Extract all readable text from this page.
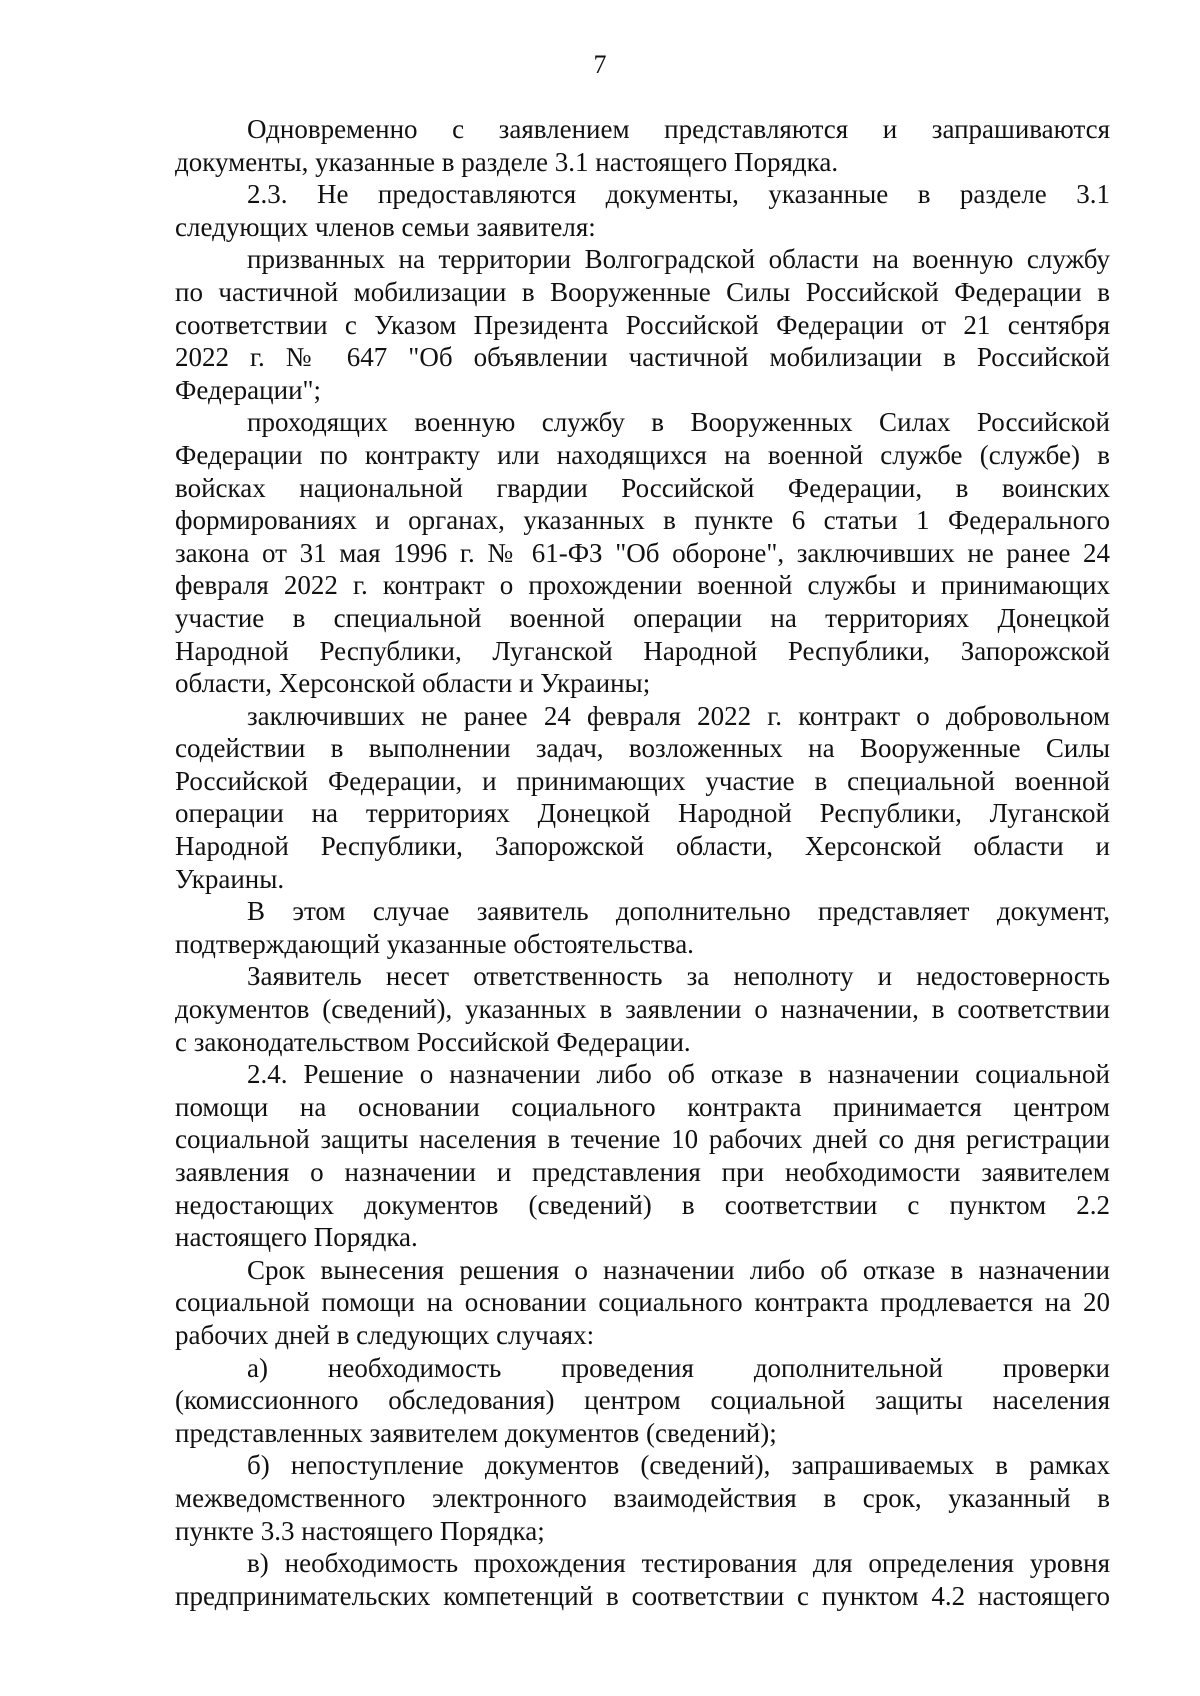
7
Одновременно с заявлением представляются и запрашиваются
документы, указанные в разделе 3.1 настоящего Порядка.
2.3. Не предоставляются документы, указанные в разделе 3.1
следующих членов семьи заявителя:
призванных на территории Волгоградской области на военную службу
по частичной мобилизации в Вооруженные Силы Российской Федерации в
соответствии с Указом Президента Российской Федерации от 21 сентября
2022 г. № 647 "Об объявлении частичной мобилизации в Российской
Федерации";
проходящих военную службу в Вооруженных Силах Российской
Федерации по контракту или находящихся на военной службе (службе) в
войсках национальной гвардии Российской Федерации, в воинских
формированиях и органах, указанных в пункте 6 статьи 1 Федерального
закона от 31 мая 1996 г. № 61-ФЗ "Об обороне", заключивших не ранее 24
февраля 2022 г. контракт о прохождении военной службы и принимающих
участие в специальной военной операции на территориях Донецкой
Народной Республики, Луганской Народной Республики, Запорожской
области, Херсонской области и Украины;
заключивших не ранее 24 февраля 2022 г. контракт о добровольном
содействии в выполнении задач, возложенных на Вооруженные Силы
Российской Федерации, и принимающих участие в специальной военной
операции на территориях Донецкой Народной Республики, Луганской
Народной Республики, Запорожской области, Херсонской области и
Украины.
В этом случае заявитель дополнительно представляет документ,
подтверждающий указанные обстоятельства.
Заявитель несет ответственность за неполноту и недостоверность
документов (сведений), указанных в заявлении о назначении, в соответствии
с законодательством Российской Федерации.
2.4. Решение о назначении либо об отказе в назначении социальной
помощи на основании социального контракта принимается центром
социальной защиты населения в течение 10 рабочих дней со дня регистрации
заявления о назначении и представления при необходимости заявителем
недостающих документов (сведений) в соответствии с пунктом 2.2
настоящего Порядка.
Срок вынесения решения о назначении либо об отказе в назначении
социальной помощи на основании социального контракта продлевается на 20
рабочих дней в следующих случаях:
а) необходимость проведения дополнительной проверки
(комиссионного обследования) центром социальной защиты населения
представленных заявителем документов (сведений);
б) непоступление документов (сведений), запрашиваемых в рамках
межведомственного электронного взаимодействия в срок, указанный в
пункте 3.3 настоящего Порядка;
в) необходимость прохождения тестирования для определения уровня
предпринимательских компетенций в соответствии с пунктом 4.2 настоящего
